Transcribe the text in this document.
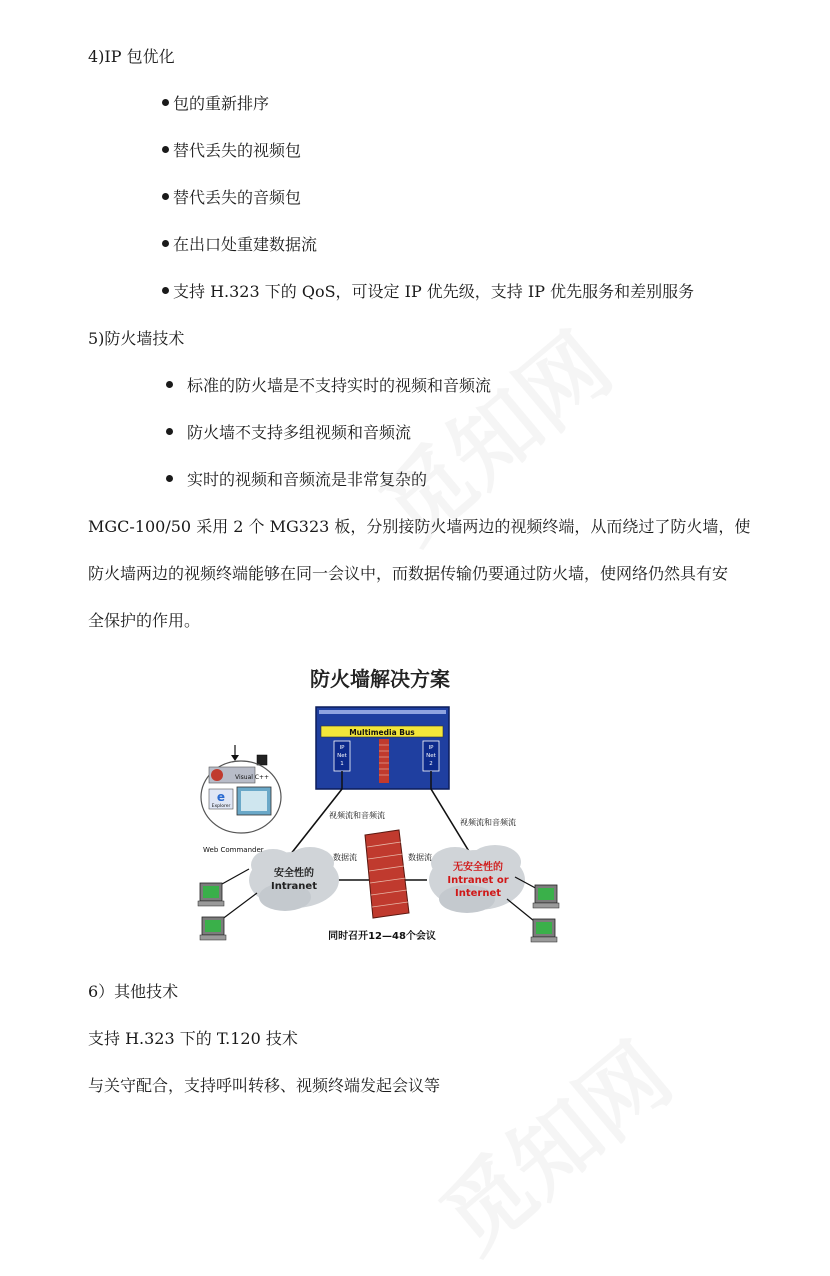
4)IP 包优化
包的重新排序
替代丢失的视频包
替代丢失的音频包
在出口处重建数据流
支持 H.323 下的 QoS，可设定 IP 优先级，支持 IP 优先服务和差别服务
5)防火墙技术
标准的防火墙是不支持实时的视频和音频流
防火墙不支持多组视频和音频流
实时的视频和音频流是非常复杂的
MGC-100/50 采用 2 个 MG323 板，分别接防火墙两边的视频终端，从而绕过了防火墙，使
防火墙两边的视频终端能够在同一会议中，而数据传输仍要通过防火墙，使网络仍然具有安
全保护的作用。
防火墙解决方案
Multimedia Bus
IP
Net
1
IP
Net
2
视频流和音频流
视频流和音频流
数据流	数据流
安全性的
Intranet
无安全性的
Intranet or
Internet
Visual C++
Explorer
e
Web Commander
同时召开12—48个会议
6）其他技术
支持 H.323 下的 T.120 技术
与关守配合，支持呼叫转移、视频终端发起会议等
